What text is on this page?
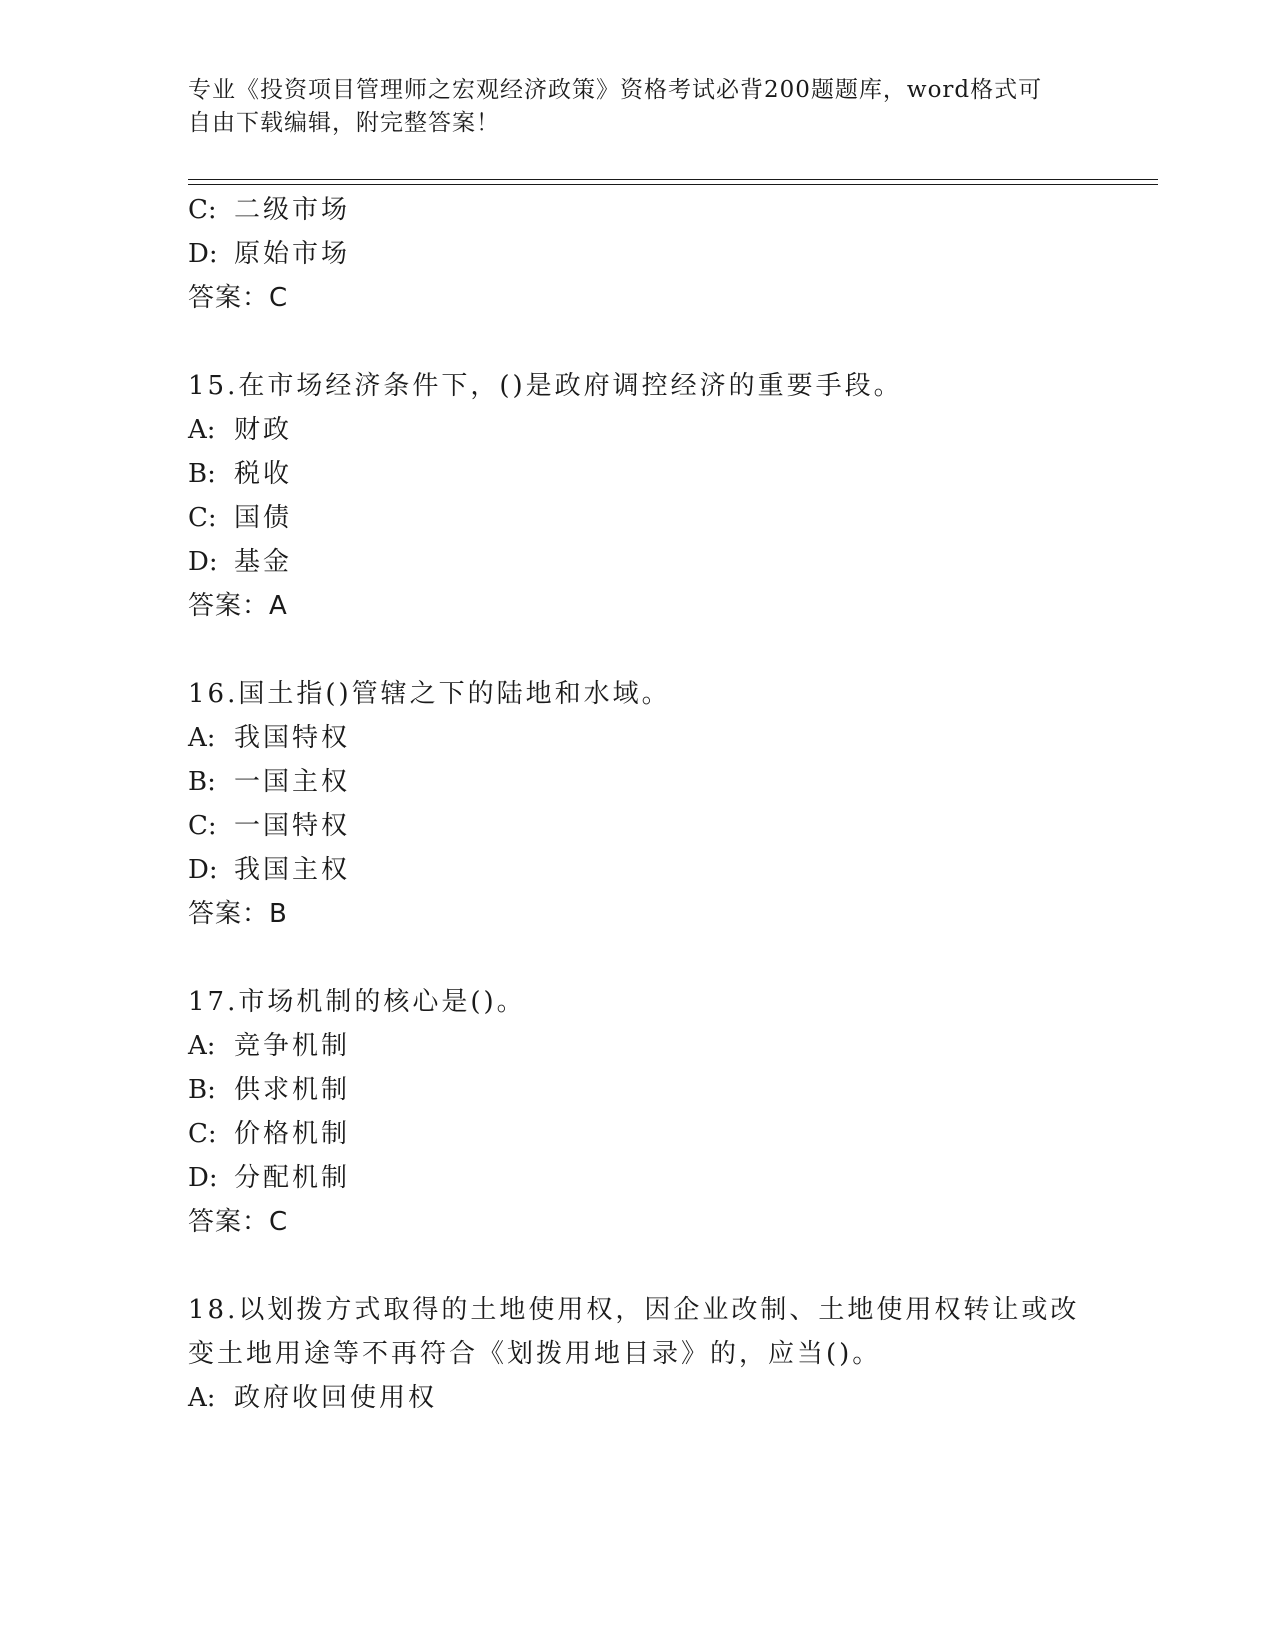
专业《投资项目管理师之宏观经济政策》资格考试必背200题题库，word格式可
自由下载编辑，附完整答案！
C: 二级市场
D: 原始市场
答案：C
15.在市场经济条件下，()是政府调控经济的重要手段。
A: 财政
B: 税收
C: 国债
D: 基金
答案：A
16.国土指()管辖之下的陆地和水域。
A: 我国特权
B: 一国主权
C: 一国特权
D: 我国主权
答案：B
17.市场机制的核心是()。
A: 竞争机制
B: 供求机制
C: 价格机制
D: 分配机制
答案：C
18.以划拨方式取得的土地使用权，因企业改制、土地使用权转让或改
变土地用途等不再符合《划拨用地目录》的，应当()。
A: 政府收回使用权
